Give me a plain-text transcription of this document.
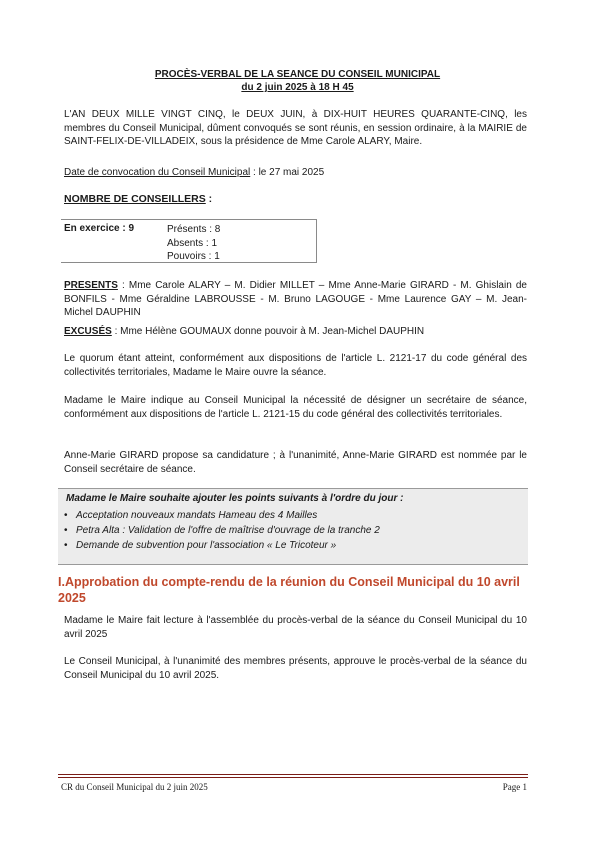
PROCÈS-VERBAL DE LA SEANCE DU CONSEIL MUNICIPAL
du 2 juin 2025 à 18 H 45
L'AN DEUX MILLE VINGT CINQ, le DEUX JUIN, à DIX-HUIT HEURES QUARANTE-CINQ, les membres du Conseil Municipal, dûment convoqués se sont réunis, en session ordinaire, à la MAIRIE de SAINT-FELIX-DE-VILLADEIX, sous la présidence de Mme Carole ALARY, Maire.
Date de convocation du Conseil Municipal : le 27 mai 2025
NOMBRE DE CONSEILLERS :
En exercice : 9	Présents : 8
Absents : 1
Pouvoirs : 1
PRESENTS : Mme Carole ALARY – M. Didier MILLET – Mme Anne-Marie GIRARD - M. Ghislain de BONFILS - Mme Géraldine LABROUSSE - M. Bruno LAGOUGE - Mme Laurence GAY – M. Jean-Michel DAUPHIN
EXCUSÉS : Mme Hélène GOUMAUX donne pouvoir à M. Jean-Michel DAUPHIN
Le quorum étant atteint, conformément aux dispositions de l'article L. 2121-17 du code général des collectivités territoriales, Madame le Maire ouvre la séance.
Madame le Maire indique au Conseil Municipal la nécessité de désigner un secrétaire de séance, conformément aux dispositions de l'article L. 2121-15 du code général des collectivités territoriales.
Anne-Marie GIRARD propose sa candidature ; à l'unanimité, Anne-Marie GIRARD est nommée par le Conseil secrétaire de séance.
Madame le Maire souhaite ajouter les points suivants à l'ordre du jour :
• Acceptation nouveaux mandats Hameau des 4 Mailles
• Petra Alta : Validation de l'offre de maîtrise d'ouvrage de la tranche 2
• Demande de subvention pour l'association « Le Tricoteur »
I.Approbation du compte-rendu de la réunion du Conseil Municipal du 10 avril 2025
Madame le Maire fait lecture à l'assemblée du procès-verbal de la séance du Conseil Municipal du 10 avril 2025
Le Conseil Municipal, à l'unanimité des membres présents, approuve le procès-verbal de la séance du Conseil Municipal du 10 avril 2025.
CR du Conseil Municipal du 2 juin 2025	Page 1
